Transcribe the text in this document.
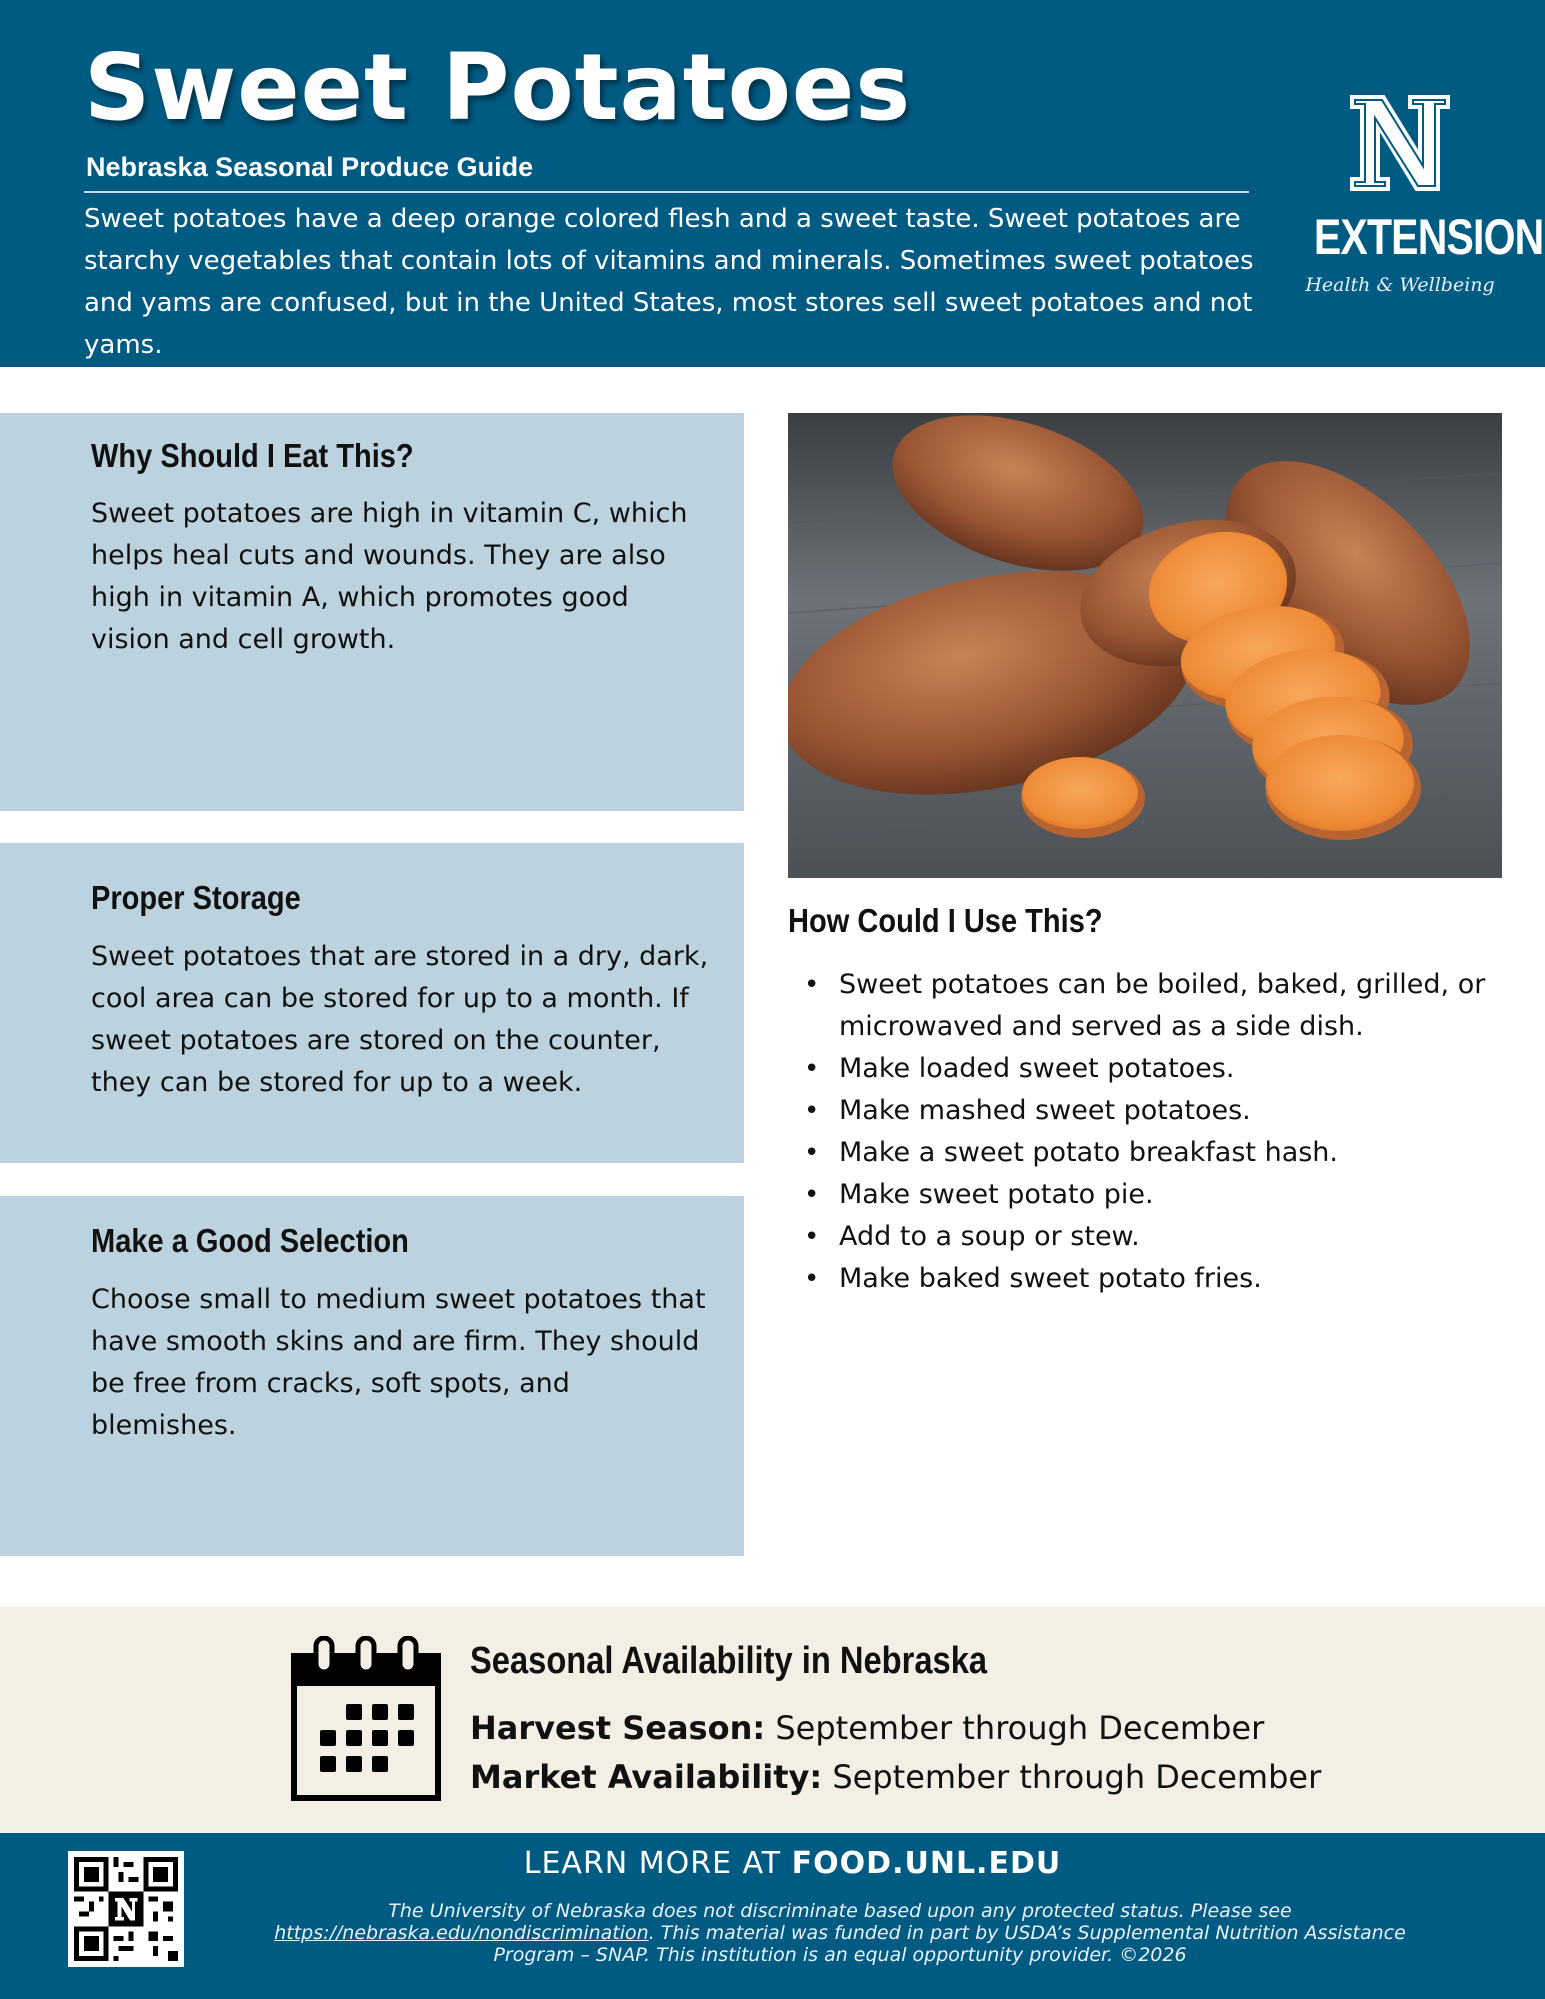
Sweet Potatoes
Nebraska Seasonal Produce Guide
Sweet potatoes have a deep orange colored flesh and a sweet taste. Sweet potatoes are starchy vegetables that contain lots of vitamins and minerals. Sometimes sweet potatoes and yams are confused, but in the United States, most stores sell sweet potatoes and not yams.
EXTENSION
Health & Wellbeing
Why Should I Eat This?

Sweet potatoes are high in vitamin C, which helps heal cuts and wounds. They are also high in vitamin A, which promotes good vision and cell growth.

Proper Storage

Sweet potatoes that are stored in a dry, dark, cool area can be stored for up to a month. If sweet potatoes are stored on the counter, they can be stored for up to a week.

Make a Good Selection

Choose small to medium sweet potatoes that have smooth skins and are firm. They should be free from cracks, soft spots, and blemishes.

How Could I Use This?
• Sweet potatoes can be boiled, baked, grilled, or microwaved and served as a side dish.
• Make loaded sweet potatoes.
• Make mashed sweet potatoes.
• Make a sweet potato breakfast hash.
• Make sweet potato pie.
• Add to a soup or stew.
• Make baked sweet potato fries.
Seasonal Availability in Nebraska
Harvest Season: September through December
Market Availability: September through December
LEARN MORE AT FOOD.UNL.EDU
The University of Nebraska does not discriminate based upon any protected status. Please see https://nebraska.edu/nondiscrimination. This material was funded in part by USDA’s Supplemental Nutrition Assistance Program – SNAP. This institution is an equal opportunity provider. ©2026
